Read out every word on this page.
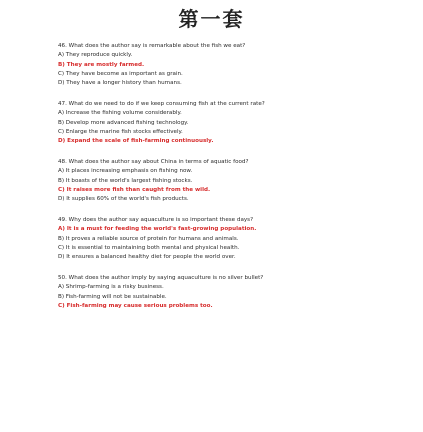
第一套
46. What does the author say is remarkable about the fish we eat?
A) They reproduce quickly.
B) They are mostly farmed.
C) They have become as important as grain.
D) They have a longer history than humans.
47. What do we need to do if we keep consuming fish at the current rate?
A) Increase the fishing volume considerably.
B) Develop more advanced fishing technology.
C) Enlarge the marine fish stocks effectively.
D) Expand the scale of fish-farming continuously.
48. What does the author say about China in terms of aquatic food?
A) It places increasing emphasis on fishing now.
B) It boasts of the world's largest fishing stocks.
C) It raises more fish than caught from the wild.
D) It supplies 60% of the world's fish products.
49. Why does the author say aquaculture is so important these days?
A) It is a must for feeding the world's fast-growing population.
B) It proves a reliable source of protein for humans and animals.
C) It is essential to maintaining both mental and physical health.
D) It ensures a balanced healthy diet for people the world over.
50. What does the author imply by saying aquaculture is no silver bullet?
A) Shrimp-farming is a risky business.
B) Fish-farming will not be sustainable.
C) Fish-farming may cause serious problems too.
